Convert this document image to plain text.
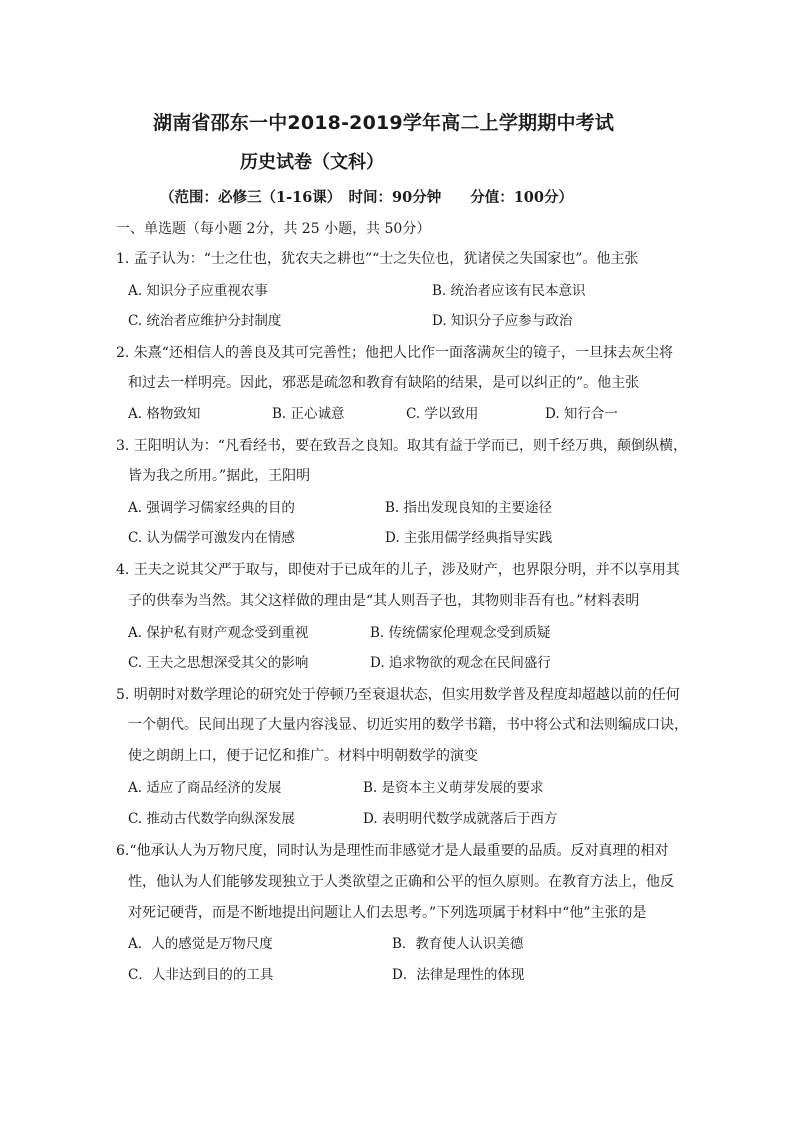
湖南省邵东一中2018-2019学年高二上学期期中考试
历史试卷（文科）
（范围：必修三（1-16课）　时间：90分钟　　分值：100分）
一、单选题（每小题 2分，共 25 小题，共 50分）
1. 孟子认为：“士之仕也，犹农夫之耕也”“士之失位也，犹诸侯之失国家也”。他主张
A. 知识分子应重视农事	B. 统治者应该有民本意识
C. 统治者应维护分封制度	D. 知识分子应参与政治
2. 朱熹“还相信人的善良及其可完善性；他把人比作一面落满灰尘的镜子，一旦抹去灰尘将
和过去一样明亮。因此，邪恶是疏忽和教育有缺陷的结果，是可以纠正的”。他主张
A. 格物致知	B. 正心诚意	C. 学以致用	D. 知行合一
3. 王阳明认为：“凡看经书，要在致吾之良知。取其有益于学而已，则千经万典，颠倒纵横，
皆为我之所用。”据此，王阳明
A. 强调学习儒家经典的目的	B. 指出发现良知的主要途径
C. 认为儒学可激发内在情感	D. 主张用儒学经典指导实践
4. 王夫之说其父严于取与，即使对于已成年的儿子，涉及财产，也界限分明，并不以享用其
子的供奉为当然。其父这样做的理由是“其人则吾子也，其物则非吾有也。”材料表明
A. 保护私有财产观念受到重视	B. 传统儒家伦理观念受到质疑
C. 王夫之思想深受其父的影响	D. 追求物欲的观念在民间盛行
5. 明朝时对数学理论的研究处于停顿乃至衰退状态，但实用数学普及程度却超越以前的任何
一个朝代。民间出现了大量内容浅显、切近实用的数学书籍，书中将公式和法则编成口诀，
使之朗朗上口，便于记忆和推广。材料中明朝数学的演变
A. 适应了商品经济的发展	B. 是资本主义萌芽发展的要求
C. 推动古代数学向纵深发展	D. 表明明代数学成就落后于西方
6.“他承认人为万物尺度，同时认为是理性而非感觉才是人最重要的品质。反对真理的相对
性，他认为人们能够发现独立于人类欲望之正确和公平的恒久原则。在教育方法上，他反
对死记硬背，而是不断地提出问题让人们去思考。”下列选项属于材料中“他”主张的是
A．人的感觉是万物尺度	B．教育使人认识美德
C．人非达到目的的工具	D．法律是理性的体现
